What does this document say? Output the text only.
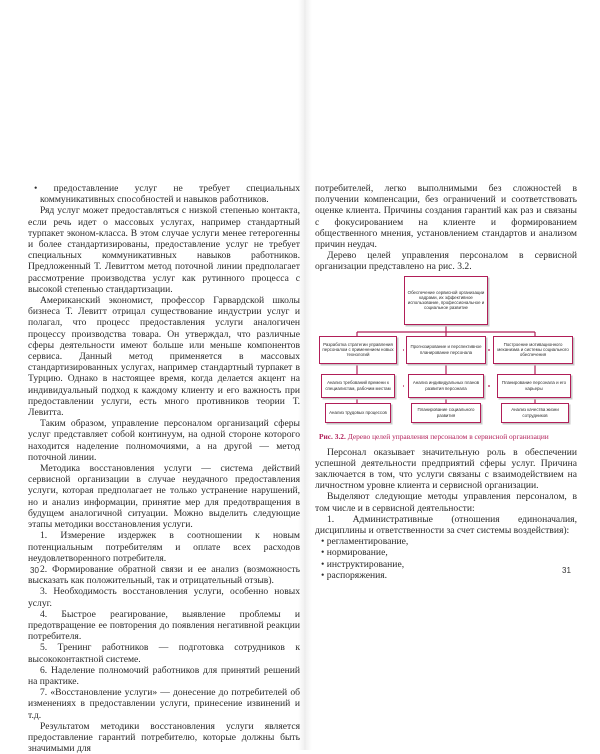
• предоставление услуг не требует специальных коммуникативных способностей и навыков работников.

Ряд услуг может предоставляться с низкой степенью контакта, если речь идет о массовых услугах, например стандартный турпакет эконом-класса. В этом случае услуги менее гетерогенны и более стандартизированы, предоставление услуг не требует специальных коммуникативных навыков работников. Предложенный Т. Левиттом метод поточной линии предполагает рассмотрение производства услуг как рутинного процесса с высокой степенью стандартизации.

Американский экономист, профессор Гарвардской школы бизнеса Т. Левитт отрицал существование индустрии услуг и полагал, что процесс предоставления услуги аналогичен процессу производства товара. Он утверждал, что различные сферы деятельности имеют больше или меньше компонентов сервиса. Данный метод применяется в массовых стандартизированных услугах, например стандартный турпакет в Турцию. Однако в настоящее время, когда делается акцент на индивидуальный подход к каждому клиенту и его важность при предоставлении услуги, есть много противников теории Т. Левитта.

Таким образом, управление персоналом организаций сферы услуг представляет собой континуум, на одной стороне которого находится наделение полномочиями, а на другой — метод поточной линии.

Методика восстановления услуги — система действий сервисной организации в случае неудачного предоставления услуги, которая предполагает не только устранение нарушений, но и анализ информации, принятие мер для предотвращения в будущем аналогичной ситуации. Можно выделить следующие этапы методики восстановления услуги.

1. Измерение издержек в соотношении к новым потенциальным потребителям и оплате всех расходов неудовлетворенного потребителя.

2. Формирование обратной связи и ее анализ (возможность высказать как положительный, так и отрицательный отзыв).

3. Необходимость восстановления услуги, особенно новых услуг.

4. Быстрое реагирование, выявление проблемы и предотвращение ее повторения до появления негативной реакции потребителя.

5. Тренинг работников — подготовка сотрудников к высококонтактной системе.

6. Наделение полномочий работников для принятий решений на практике.

7. «Восстановление услуги» — донесение до потребителей об изменениях в предоставлении услуги, принесение извинений и т.д.

Результатом методики восстановления услуги является предоставление гарантий потребителю, которые должны быть значимыми для

30

потребителей, легко выполнимыми без сложностей в получении компенсации, без ограничений и соответствовать оценке клиента. Причины создания гарантий как раз и связаны с фокусированием на клиенте и формированием общественного мнения, установлением стандартов и анализом причин неудач.

Дерево целей управления персоналом в сервисной организации представлено на рис. 3.2.

Обеспечение сервисной организации кадрами, их эффективное использование, профессиональное и социальное развитие
Разработка стратегии управления персоналом с применением новых технологий
Прогнозирование и перспективное планирование персонала
Построение мотивационного механизма и системы социального обеспечения
Анализ требований времени к специалистам, рабочим местам
Анализ индивидуальных планов развития персонала
Планирование персонала и его карьеры
Анализ трудовых процессов
Планирование социального развития
Анализ качества жизни сотрудников
Рис. 3.2. Дерево целей управления персоналом в сервисной организации

Персонал оказывает значительную роль в обеспечении успешной деятельности предприятий сферы услуг. Причина заключается в том, что услуги связаны с взаимодействием на личностном уровне клиента и сервисной организации.

Выделяют следующие методы управления персоналом, в том числе и в сервисной деятельности:

1. Административные (отношения единоначалия, дисциплины и ответственности за счет системы воздействия):

• регламентирование,

• нормирование,

• инструктирование,

• распоряжения.	31
